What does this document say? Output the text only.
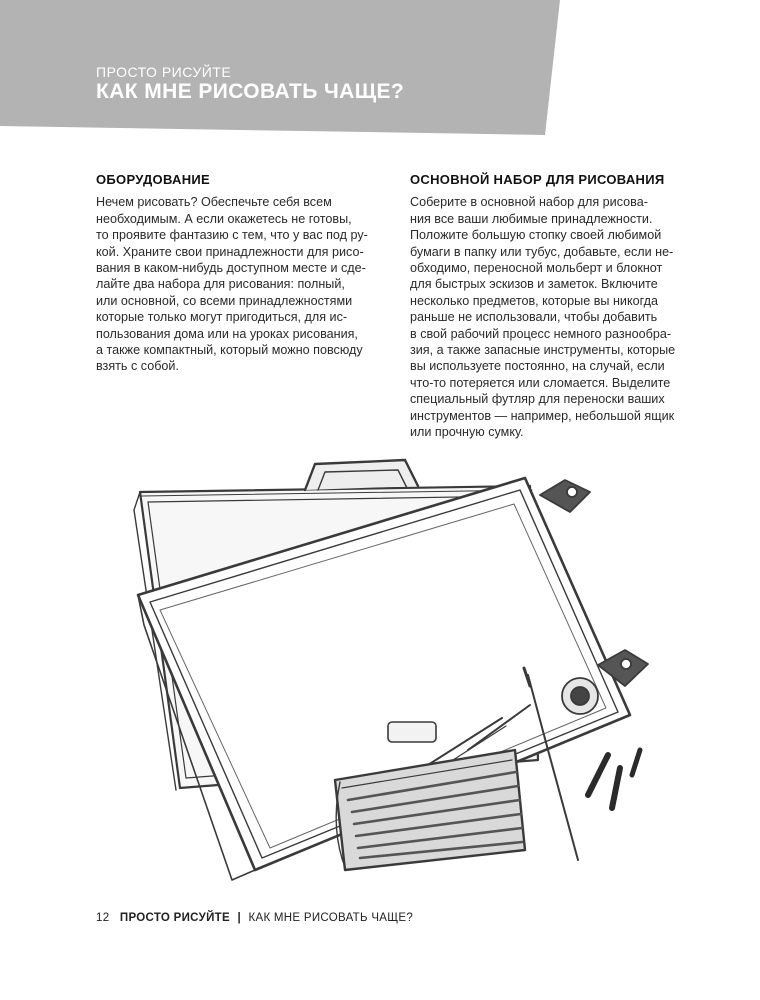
ПРОСТО РИСУЙТЕ
КАК МНЕ РИСОВАТЬ ЧАЩЕ?
ОБОРУДОВАНИЕ

Нечем рисовать? Обеспечьте себя всем
необходимым. А если окажетесь не готовы,
то проявите фантазию с тем, что у вас под ру-
кой. Храните свои принадлежности для рисо-
вания в каком-нибудь доступном месте и сде-
лайте два набора для рисования: полный,
или основной, со всеми принадлежностями
которые только могут пригодиться, для ис-
пользования дома или на уроках рисования,
а также компактный, который можно повсюду
взять с собой.

ОСНОВНОЙ НАБОР ДЛЯ РИСОВАНИЯ

Соберите в основной набор для рисова-
ния все ваши любимые принадлежности.
Положите большую стопку своей любимой
бумаги в папку или тубус, добавьте, если не-
обходимо, переносной мольберт и блокнот
для быстрых эскизов и заметок. Включите
несколько предметов, которые вы никогда
раньше не использовали, чтобы добавить
в свой рабочий процесс немного разнообра-
зия, а также запасные инструменты, которые
вы используете постоянно, на случай, если
что-то потеряется или сломается. Выделите
специальный футляр для переноски ваших
инструментов — например, небольшой ящик
или прочную сумку.

12 ПРОСТО РИСУЙТЕ | КАК МНЕ РИСОВАТЬ ЧАЩЕ?
